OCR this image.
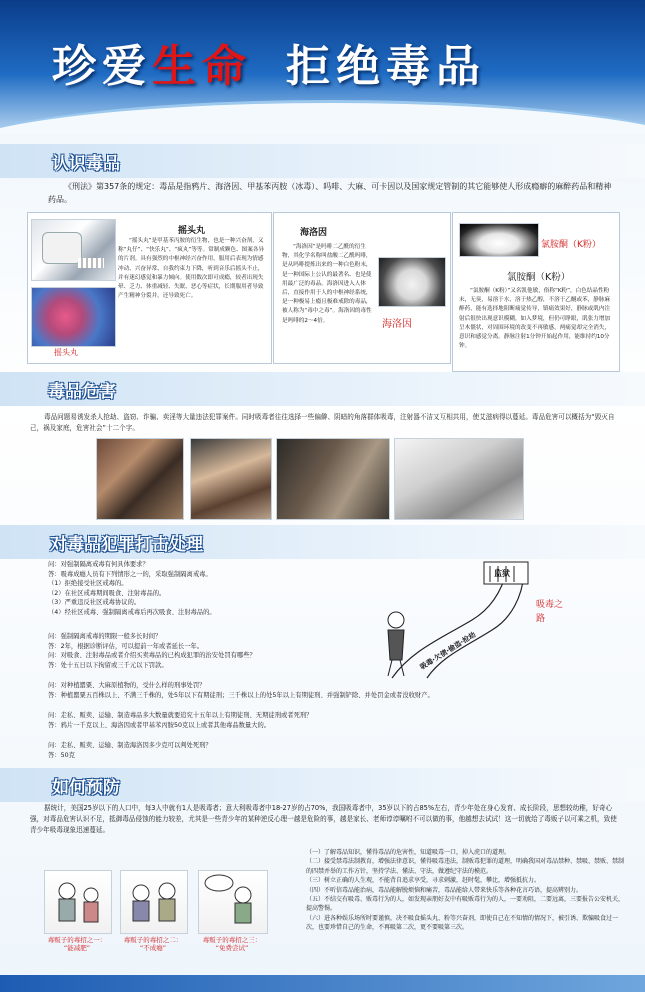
珍爱生命 拒绝毒品
认识毒品
《刑法》第357条的规定：毒品是指鸦片、海洛因、甲基苯丙胺（冰毒）、吗啡、大麻、可卡因以及国家规定管制的其它能够使人形成瘾癖的麻醉药品和精神药品。
摇头丸
摇头丸
“摇头丸”是甲基苯丙胺的衍生物，也是一种兴奋剂，又称“丸仔”、“快乐丸”、“疯丸”等等。常制成颗色、图案各异的片剂。具有强烈的中枢神经兴奋作用，服用后表现为情感冲动、兴奋异常、自我约束力下降，听到音乐后摇头不止，并有迷幻感觉和暴力倾向。使用数次即可成瘾，较者出现失晕、乏力、体重减轻、失眠、恶心等症状，长期服用者导致产生精神分裂并，还导致死亡。
海洛因
“海洛因”是吗啡二乙酰的衍生物，其化学名称叫盐酸二乙酰吗啡，是从吗啡提炼出来的一种白色粉末，是一种国际上公认的最著名、也是使用最广泛的毒品。海洛因进入人体后，直接作用于人的中枢神经系统，是一种极易上瘾且极难戒除的毒品，被人称为“毒中之毒”。海洛因的毒性是吗啡的2～4倍。	海洛因
氯胺酮（K粉）
氯胺酮（K粉）
“氯胺酮（K粉）”又名凯他敏，俗称“K粉”，白色结晶性粉末，无臭，易溶于水，溶于热乙醇，不溶于乙醚或苯，静脉麻醉药，能有选择地阻断痛觉传导，镇痛效果好，静脉或肌内注射后很快出现意识模糊，如入梦境，但仍可睁眼，肌张力增加呈木僵状，对周围环境的改变不再敏感，两痛觉却完全消失，意识和感觉分离。静脉注射1分钟开始起作用，能维持约10分钟。
毒品危害
毒品问题易诱发杀人抢劫、盗窃、诈骗、卖淫等大量违法犯罪案件。同时吸毒者往往选择一些偏僻、阴暗的角落群体吸毒，注射器不洁又互相共用，使艾滋病得以蔓延。毒品危害可以概括为“毁灭自己，祸及家庭，危害社会”十二个字。
对毒品犯罪打击处理

问：对强制隔离戒毒有何具体要求？

答：吸毒成瘾人员有下列情形之一的，采取强制隔离戒毒。

（1）拒绝接受社区戒毒的。

（2）在社区戒毒期间吸食、注射毒品的。

（3）严重违反社区戒毒协议的。

（4）经社区戒毒、强制隔离戒毒后再次吸食、注射毒品的。

问：强制隔离戒毒的期限一般多长时间？

答：2年，根据诊断评估，可以提前一年或者延长一年。

问：对吸食、注射毒品或者介绍买卖毒品的已构成犯罪的治安处罚有哪些？

答：处十五日以下拘留或三千元以下罚款。

问：对种植罂粟、大麻原植物的，受什么样的刑事处罚？

答：种植罂粟五百株以上、不满三千株的，处5年以下有期徒刑；三千株以上的处5年以上有期徒刑、并强制铲除、并处罚金或者没收财产。

问：走私、贩卖、运输、制造毒品多大数量就要追究十五年以上有期徒刑、无期徒刑或者死刑？

答：鸦片一千克以上、海洛因或者甲基苯丙胺50克以上或者其他毒品数量大的。

问：走私、贩卖、运输、制造海洛因多少克可以判处死刑？

答：50克

监狱
吸毒·欠债·偷盗·抢劫
吸毒之路
如何预防
据统计，美国25岁以下的人口中，每3人中就有1人是吸毒者；意大利吸毒者中18-27岁的占70%，我国吸毒者中，35岁以下的占85%左右，青少年处在身心发育、成长阶段，思想较幼稚，好奇心强，对毒品危害认识不足，抵御毒品侵蚀的能力较差，尤其是一些青少年的某种逆反心理一越是危险的事，越是家长、老师谆谆嘱咐不可以做的事，他越想去试试！这一切就给了毒贩子以可乘之机，致使青少年吸毒现象迅速蔓延。
（一）了解毒品知识，懂得毒品的危害性，知道吸毒一口，掉入虎口的道理。
（二）接受禁毒法制教育，增强法律意识，懂得吸毒违法，制贩毒犯罪的道理，明确我国对毒品禁种、禁吸、禁贩、禁制的四禁并举的工作方针，坚持学法、懂法、守法，做遵纪守法的模范。
（三）树立正确的人生观，不能背自追求享受，寻求刺激，赶时髦，攀比，增强抵抗力。
（四）不听信毒品能治病，毒品能解脱烦恼和痛苦，毒品能给人带来快乐等各种花言巧语，提高辨别力。
（五）不结交有吸毒、贩毒行为的人，如发现亲朋好友中有吸贩毒行为的人，一要劝阻，二要远离，三要报告公安机关，提高警惕。
（六）进各种娱乐场所时要谨慎，决不吸食摇头丸、粉等兴奋剂，即使自己在不知情的情况下，被引诱、欺骗吸食过一次，也要珍惜自己的生命，不再吸第二次，更不要吸第三次。
毒贩子的毒招之一：
“能减肥”
毒贩子的毒招之二：
“不成瘾”
毒贩子的毒招之三：
“免费尝试”
